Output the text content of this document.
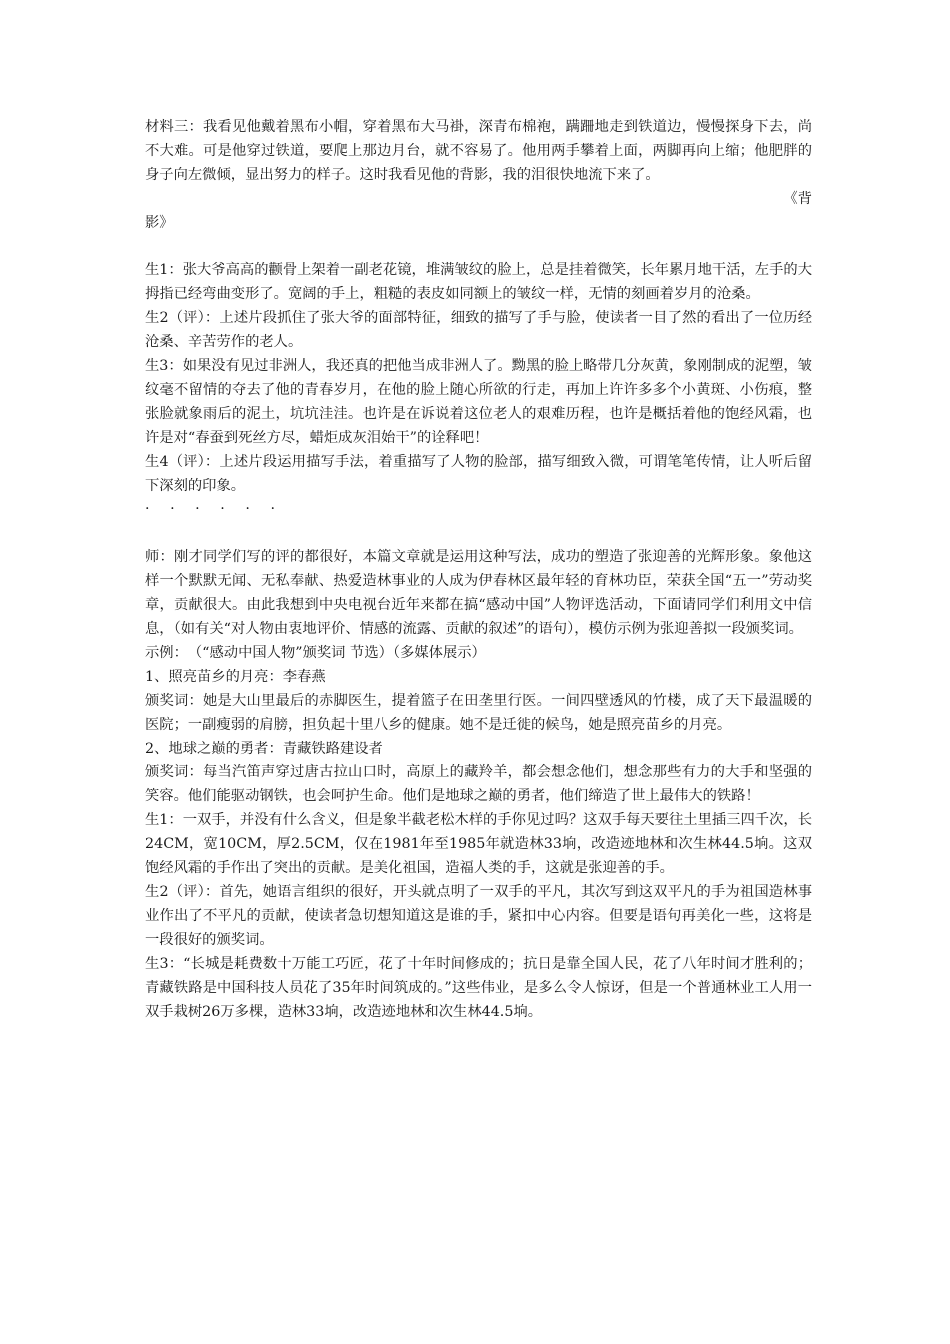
材料三：我看见他戴着黑布小帽，穿着黑布大马褂，深青布棉袍，蹒跚地走到铁道边，慢慢探身下去，尚不大难。可是他穿过铁道，要爬上那边月台，就不容易了。他用两手攀着上面，两脚再向上缩；他肥胖的身子向左微倾，显出努力的样子。这时我看见他的背影，我的泪很快地流下来了。

《背

影》

生1：张大爷高高的颧骨上架着一副老花镜，堆满皱纹的脸上，总是挂着微笑，长年累月地干活，左手的大拇指已经弯曲变形了。宽阔的手上，粗糙的表皮如同额上的皱纹一样，无情的刻画着岁月的沧桑。

生2（评）：上述片段抓住了张大爷的面部特征，细致的描写了手与脸，使读者一目了然的看出了一位历经沧桑、辛苦劳作的老人。

生3：如果没有见过非洲人，我还真的把他当成非洲人了。黝黑的脸上略带几分灰黄，象刚制成的泥塑，皱纹毫不留情的夺去了他的青春岁月，在他的脸上随心所欲的行走，再加上许许多多个小黄斑、小伤痕，整张脸就象雨后的泥土，坑坑洼洼。也许是在诉说着这位老人的艰难历程，也许是概括着他的饱经风霜，也许是对“春蚕到死丝方尽，蜡炬成灰泪始干”的诠释吧！

生4（评）：上述片段运用描写手法，着重描写了人物的脸部，描写细致入微，可谓笔笔传情，让人听后留下深刻的印象。

· · · · · ·

师：刚才同学们写的评的都很好，本篇文章就是运用这种写法，成功的塑造了张迎善的光辉形象。象他这样一个默默无闻、无私奉献、热爱造林事业的人成为伊春林区最年轻的育林功臣，荣获全国“五一”劳动奖章，贡献很大。由此我想到中央电视台近年来都在搞“感动中国”人物评选活动，下面请同学们利用文中信息，（如有关“对人物由衷地评价、情感的流露、贡献的叙述”的语句），模仿示例为张迎善拟一段颁奖词。

示例：　（“感动中国人物”颁奖词 节选）（多媒体展示）

1、照亮苗乡的月亮：李春燕

颁奖词：她是大山里最后的赤脚医生，提着篮子在田垄里行医。一间四壁透风的竹楼，成了天下最温暖的医院；一副瘦弱的肩膀，担负起十里八乡的健康。她不是迁徙的候鸟，她是照亮苗乡的月亮。

2、地球之巅的勇者：青藏铁路建设者

颁奖词：每当汽笛声穿过唐古拉山口时，高原上的藏羚羊，都会想念他们，想念那些有力的大手和坚强的笑容。他们能驱动钢铁，也会呵护生命。他们是地球之巅的勇者，他们缔造了世上最伟大的铁路！

生1：一双手，并没有什么含义，但是象半截老松木样的手你见过吗？这双手每天要往土里插三四千次，长24CM，宽10CM，厚2.5CM，仅在1981年至1985年就造林33垧，改造迹地林和次生林44.5垧。这双饱经风霜的手作出了突出的贡献。是美化祖国，造福人类的手，这就是张迎善的手。

生2（评）：首先，她语言组织的很好，开头就点明了一双手的平凡，其次写到这双平凡的手为祖国造林事业作出了不平凡的贡献，使读者急切想知道这是谁的手，紧扣中心内容。但要是语句再美化一些，这将是一段很好的颁奖词。

生3：“长城是耗费数十万能工巧匠，花了十年时间修成的；抗日是靠全国人民，花了八年时间才胜利的；青藏铁路是中国科技人员花了35年时间筑成的。”这些伟业，是多么令人惊讶，但是一个普通林业工人用一双手栽树26万多棵，造林33垧，改造迹地林和次生林44.5垧。
